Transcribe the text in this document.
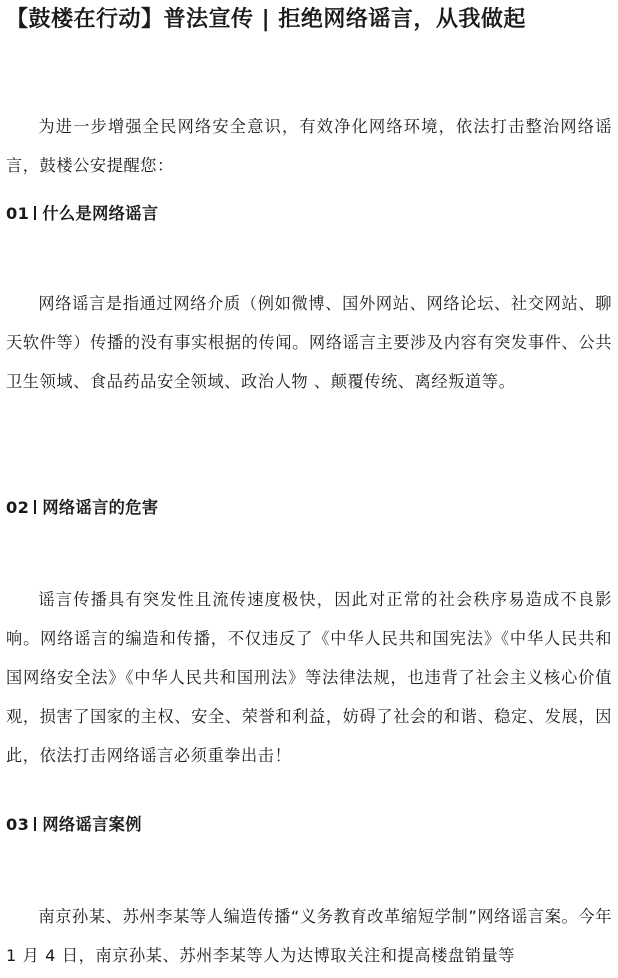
【鼓楼在行动】普法宣传 | 拒绝网络谣言，从我做起

为进一步增强全民网络安全意识，有效净化网络环境，依法打击整治网络谣言，鼓楼公安提醒您：

01 什么是网络谣言

网络谣言是指通过网络介质（例如微博、国外网站、网络论坛、社交网站、聊天软件等）传播的没有事实根据的传闻。网络谣言主要涉及内容有突发事件、公共卫生领域、食品药品安全领域、政治人物 、颠覆传统、离经叛道等。

02 网络谣言的危害

谣言传播具有突发性且流传速度极快，因此对正常的社会秩序易造成不良影响。网络谣言的编造和传播，不仅违反了《中华人民共和国宪法》《中华人民共和国网络安全法》《中华人民共和国刑法》等法律法规，也违背了社会主义核心价值观，损害了国家的主权、安全、荣誉和利益，妨碍了社会的和谐、稳定、发展，因此，依法打击网络谣言必须重拳出击！

03 网络谣言案例

南京孙某、苏州李某等人编造传播“义务教育改革缩短学制”网络谣言案。今年 1 月 4 日，南京孙某、苏州李某等人为达博取关注和提高楼盘销量等
